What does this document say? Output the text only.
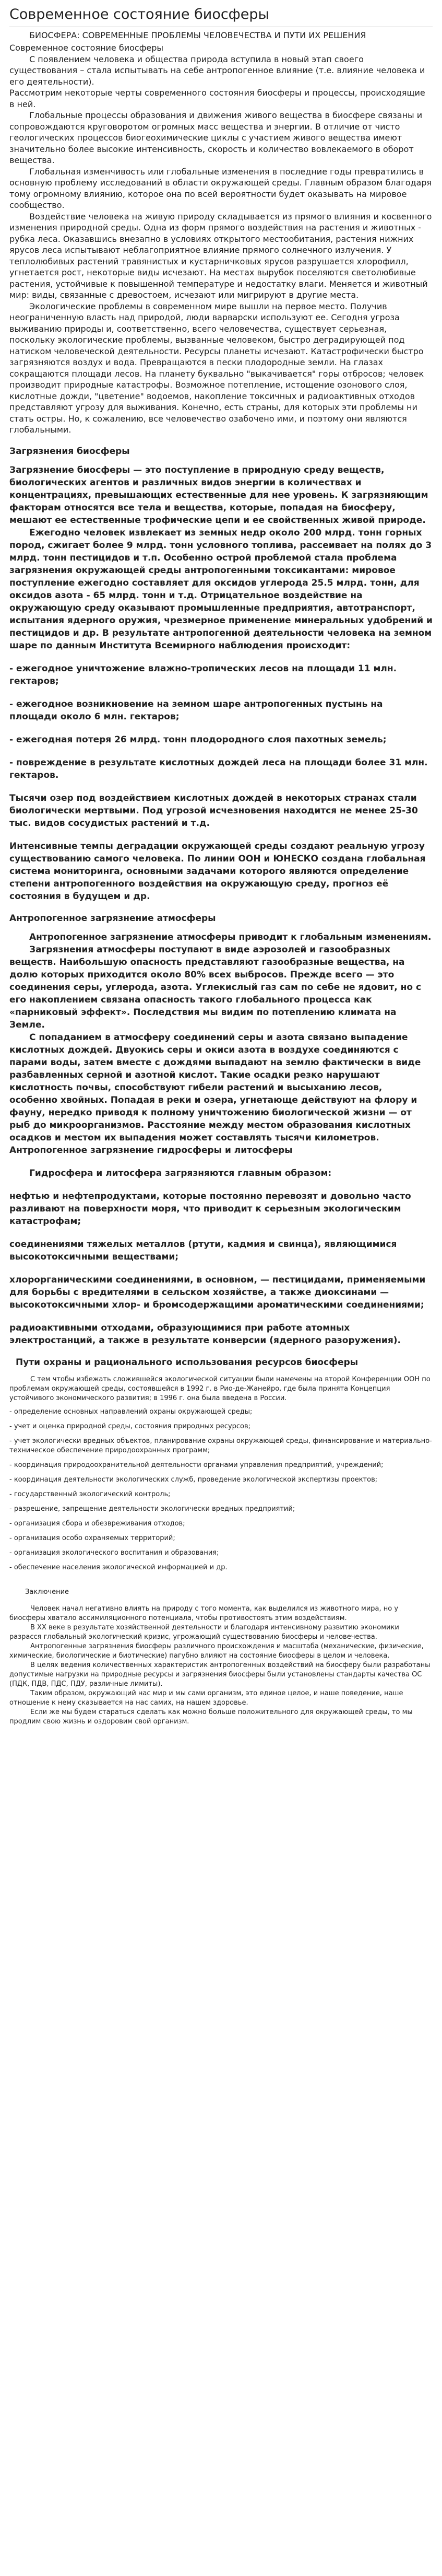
Современное состояние биосферы
БИОСФЕРА: СОВРЕМЕННЫЕ ПРОБЛЕМЫ ЧЕЛОВЕЧЕСТВА И ПУТИ ИХ РЕШЕНИЯ

Современное состояние биосферы

С появлением человека и общества природа вступила в новый этап своего существования – стала испытывать на себе антропогенное влияние (т.е. влияние человека и его деятельности).

Рассмотрим некоторые черты современного состояния биосферы и процессы, происходящие в ней.

Глобальные процессы образования и движения живого вещества в биосфере связаны и сопровождаются круговоротом огромных масс вещества и энергии. В отличие от чисто геологических процессов биогеохимические циклы с участием живого вещества имеют значительно более высокие интенсивность, скорость и количество вовлекаемого в оборот вещества.

Глобальная изменчивость или глобальные изменения в последние годы превратились в основную проблему исследований в области окружающей среды. Главным образом благодаря тому огромному влиянию, которое она по всей вероятности будет оказывать на мировое сообщество.

Воздействие человека на живую природу складывается из прямого влияния и косвенного изменения природной среды. Одна из форм прямого воздействия на растения и животных - рубка леса. Оказавшись внезапно в условиях открытого местообитания, растения нижних ярусов леса испытывают неблагоприятное влияние прямого солнечного излучения. У теплолюбивых растений травянистых и кустарничковых ярусов разрушается хлорофилл, угнетается рост, некоторые виды исчезают. На местах вырубок поселяются светолюбивые растения, устойчивые к повышенной температуре и недостатку влаги. Меняется и животный мир: виды, связанные с древостоем, исчезают или мигрируют в другие места.

Экологические проблемы в современном мире вышли на первое место. Получив неограниченную власть над природой, люди варварски используют ее. Сегодня угроза выживанию природы и, соответственно, всего человечества, существует серьезная, поскольку экологические проблемы, вызванные человеком, быстро деградирующей под натиском человеческой деятельности. Ресурсы планеты исчезают. Катастрофически быстро загрязняются воздух и вода. Превращаются в пески плодородные земли. На глазах сокращаются площади лесов. На планету буквально "выкачивается" горы отбросов; человек производит природные катастрофы. Возможное потепление, истощение озонового слоя, кислотные дожди, "цветение" водоемов, накопление токсичных и радиоактивных отходов представляют угрозу для выживания. Конечно, есть страны, для которых эти проблемы ни стать остры. Но, к сожалению, все человечество озабочено ими, и поэтому они являются глобальными.

Загрязнения биосферы

Загрязнение биосферы — это поступление в природную среду веществ, биологических агентов и различных видов энергии в количествах и концентрациях, превышающих естественные для нее уровень. К загрязняющим факторам относятся все тела и вещества, которые, попадая на биосферу, мешают ее естественные трофические цепи и ее свойственных живой природе.

Ежегодно человек извлекает из земных недр около 200 млрд. тонн горных пород, сжигает более 9 млрд. тонн условного топлива, рассеивает на полях до 3 млрд. тонн пестицидов и т.п. Особенно острой проблемой стала проблема загрязнения окружающей среды антропогенными токсикантами: мировое поступление ежегодно составляет для оксидов углерода 25.5 млрд. тонн, для оксидов азота - 65 млрд. тонн и т.д. Отрицательное воздействие на окружающую среду оказывают промышленные предприятия, автотранспорт, испытания ядерного оружия, чрезмерное применение минеральных удобрений и пестицидов и др. В результате антропогенной деятельности человека на земном шаре по данным Института Всемирного наблюдения происходит:

- ежегодное уничтожение влажно-тропических лесов на площади 11 млн. гектаров;

- ежегодное возникновение на земном шаре антропогенных пустынь на площади около 6 млн. гектаров;

- ежегодная потеря 26 млрд. тонн плодородного слоя пахотных земель;

- повреждение в результате кислотных дождей леса на площади более 31 млн. гектаров.

Тысячи озер под воздействием кислотных дождей в некоторых странах стали биологически мертвыми. Под угрозой исчезновения находится не менее 25-30 тыс. видов сосудистых растений и т.д.

Интенсивные темпы деградации окружающей среды создают реальную угрозу существованию самого человека. По линии ООН и ЮНЕСКО создана глобальная система мониторинга, основными задачами которого являются определение степени антропогенного воздействия на окружающую среду, прогноз её состояния в будущем и др.

Антропогенное загрязнение атмосферы

Антропогенное загрязнение атмосферы приводит к глобальным изменениям.

Загрязнения атмосферы поступают в виде аэрозолей и газообразных веществ. Наибольшую опасность представляют газообразные вещества, на долю которых приходится около 80% всех выбросов. Прежде всего — это соединения серы, углерода, азота. Углекислый газ сам по себе не ядовит, но с его накоплением связана опасность такого глобального процесса как «парниковый эффект». Последствия мы видим по потеплению климата на Земле.

С попаданием в атмосферу соединений серы и азота связано выпадение кислотных дождей. Двуокись серы и окиси азота в воздухе соединяются с парами воды, затем вместе с дождями выпадают на землю фактически в виде разбавленных серной и азотной кислот. Такие осадки резко нарушают кислотность почвы, способствуют гибели растений и высыханию лесов, особенно хвойных. Попадая в реки и озера, угнетающе действуют на флору и фауну, нередко приводя к полному уничтожению биологической жизни — от рыб до микроорганизмов. Расстояние между местом образования кислотных осадков и местом их выпадения может составлять тысячи километров.

Антропогенное загрязнение гидросферы и литосферы

Гидросфера и литосфера загрязняются главным образом:

нефтью и нефтепродуктами, которые постоянно перевозят и довольно часто разливают на поверхности моря, что приводит к серьезным экологическим катастрофам;

соединениями тяжелых металлов (ртути, кадмия и свинца), являющимися высокотоксичными веществами;

хлорорганическими соединениями, в основном, — пестицидами, применяемыми для борьбы с вредителями в сельском хозяйстве, а также диоксинами — высокотоксичными хлор- и бромсодержащими ароматическими соединениями;

радиоактивными отходами, образующимися при работе атомных электростанций, а также в результате конверсии (ядерного разоружения).

Пути охраны и рационального использования ресурсов биосферы

С тем чтобы избежать сложившейся экологической ситуации были намечены на второй Конференции ООН по проблемам окружающей среды, состоявшейся в 1992 г. в Рио-де-Жанейро, где была принята Концепция устойчивого экономического развития; в 1996 г. она была введена в России.

- определение основных направлений охраны окружающей среды;
- учет и оценка природной среды, состояния природных ресурсов;
- учет экологически вредных объектов, планирование охраны окружающей среды, финансирование и материально-техническое обеспечение природоохранных программ;
- координация природоохранительной деятельности органами управления предприятий, учреждений;
- координация деятельности экологических служб, проведение экологической экспертизы проектов;
- государственный экологический контроль;
- разрешение, запрещение деятельности экологически вредных предприятий;
- организация сбора и обезвреживания отходов;
- организация особо охраняемых территорий;
- организация экологического воспитания и образования;
- обеспечение населения экологической информацией и др.
Заключение

Человек начал негативно влиять на природу с того момента, как выделился из животного мира, но у биосферы хватало ассимиляционного потенциала, чтобы противостоять этим воздействиям.

В XX веке в результате хозяйственной деятельности и благодаря интенсивному развитию экономики разрасся глобальный экологический кризис, угрожающий существованию биосферы и человечества.

Антропогенные загрязнения биосферы различного происхождения и масштаба (механические, физические, химические, биологические и биотические) пагубно влияют на состояние биосферы в целом и человека.

В целях ведения количественных характеристик антропогенных воздействий на биосферу были разработаны допустимые нагрузки на природные ресурсы и загрязнения биосферы были установлены стандарты качества ОС (ПДК, ПДВ, ПДС, ПДУ, различные лимиты).

Таким образом, окружающий нас мир и мы сами организм, это единое целое, и наше поведение, наше отношение к нему сказывается на нас самих, на нашем здоровье.

Если же мы будем стараться сделать как можно больше положительного для окружающей среды, то мы продлим свою жизнь и оздоровим свой организм.
